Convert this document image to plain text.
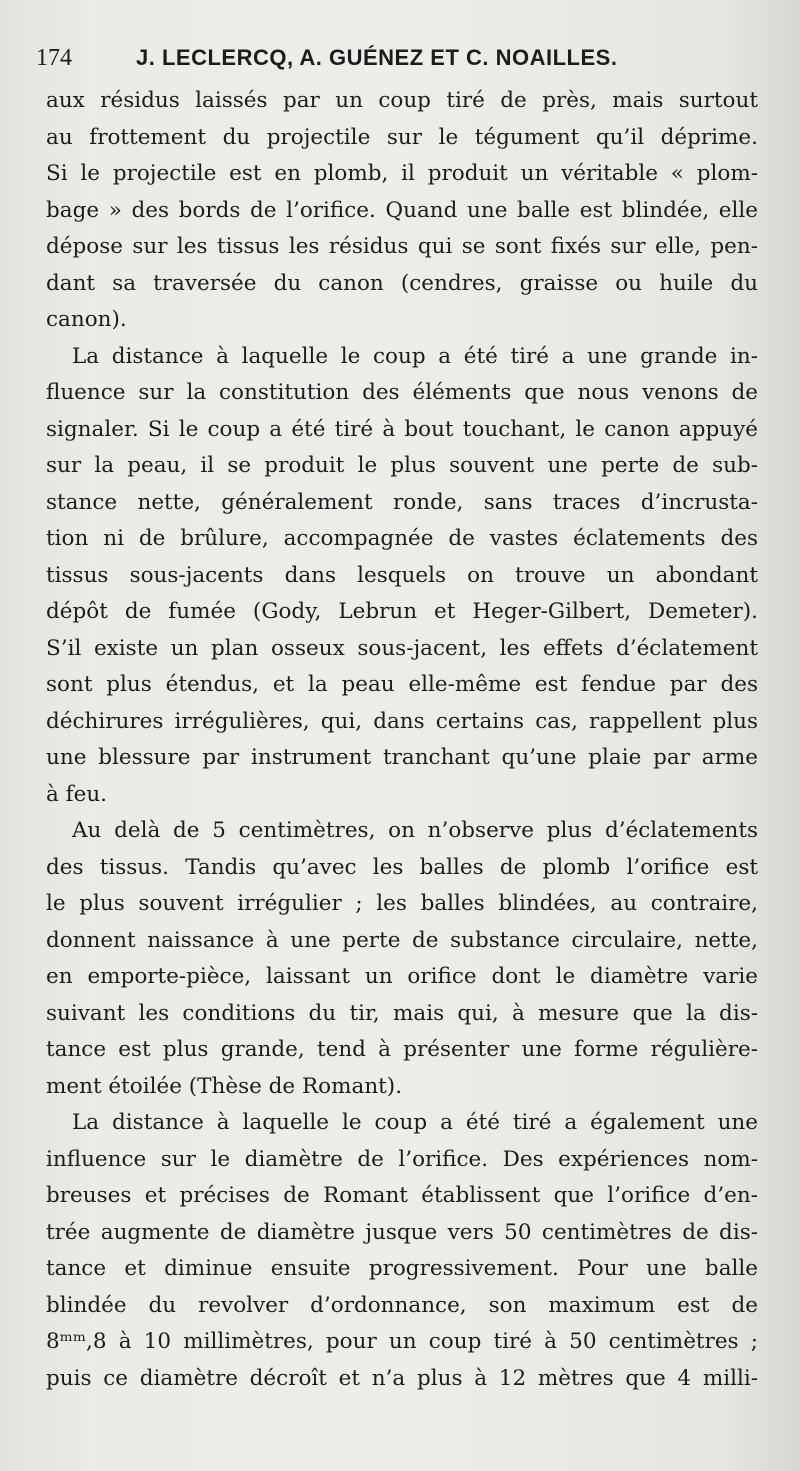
174	J. LECLERCQ, A. GUÉNEZ ET C. NOAILLES.
aux résidus laissés par un coup tiré de près, mais surtout
au frottement du projectile sur le tégument qu’il déprime.
Si le projectile est en plomb, il produit un véritable « plom-
bage » des bords de l’orifice. Quand une balle est blindée, elle
dépose sur les tissus les résidus qui se sont fixés sur elle, pen-
dant sa traversée du canon (cendres, graisse ou huile du
canon).
La distance à laquelle le coup a été tiré a une grande in-
fluence sur la constitution des éléments que nous venons de
signaler. Si le coup a été tiré à bout touchant, le canon appuyé
sur la peau, il se produit le plus souvent une perte de sub-
stance nette, généralement ronde, sans traces d’incrusta-
tion ni de brûlure, accompagnée de vastes éclatements des
tissus sous-jacents dans lesquels on trouve un abondant
dépôt de fumée (Gody, Lebrun et Heger-Gilbert, Demeter).
S’il existe un plan osseux sous-jacent, les effets d’éclatement
sont plus étendus, et la peau elle-même est fendue par des
déchirures irrégulières, qui, dans certains cas, rappellent plus
une blessure par instrument tranchant qu’une plaie par arme
à feu.
Au delà de 5 centimètres, on n’observe plus d’éclatements
des tissus. Tandis qu’avec les balles de plomb l’orifice est
le plus souvent irrégulier ; les balles blindées, au contraire,
donnent naissance à une perte de substance circulaire, nette,
en emporte-pièce, laissant un orifice dont le diamètre varie
suivant les conditions du tir, mais qui, à mesure que la dis-
tance est plus grande, tend à présenter une forme régulière-
ment étoilée (Thèse de Romant).
La distance à laquelle le coup a été tiré a également une
influence sur le diamètre de l’orifice. Des expériences nom-
breuses et précises de Romant établissent que l’orifice d’en-
trée augmente de diamètre jusque vers 50 centimètres de dis-
tance et diminue ensuite progressivement. Pour une balle
blindée du revolver d’ordonnance, son maximum est de
8ᵐᵐ,8 à 10 millimètres, pour un coup tiré à 50 centimètres ;
puis ce diamètre décroît et n’a plus à 12 mètres que 4 milli-
